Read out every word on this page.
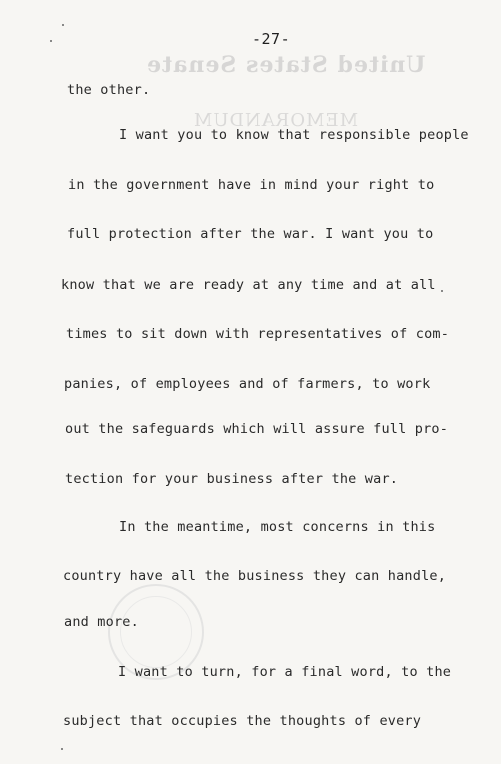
-27-
United States Senate
MEMORANDUM
the other.
I want you to know that responsible people
in the government have in mind your right to
full protection after the war. I want you to
know that we are ready at any time and at all
times to sit down with representatives of com-
panies, of employees and of farmers, to work
out the safeguards which will assure full pro-
tection for your business after the war.
In the meantime, most concerns in this
country have all the business they can handle,
and more.
I want to turn, for a final word, to the
subject that occupies the thoughts of every
